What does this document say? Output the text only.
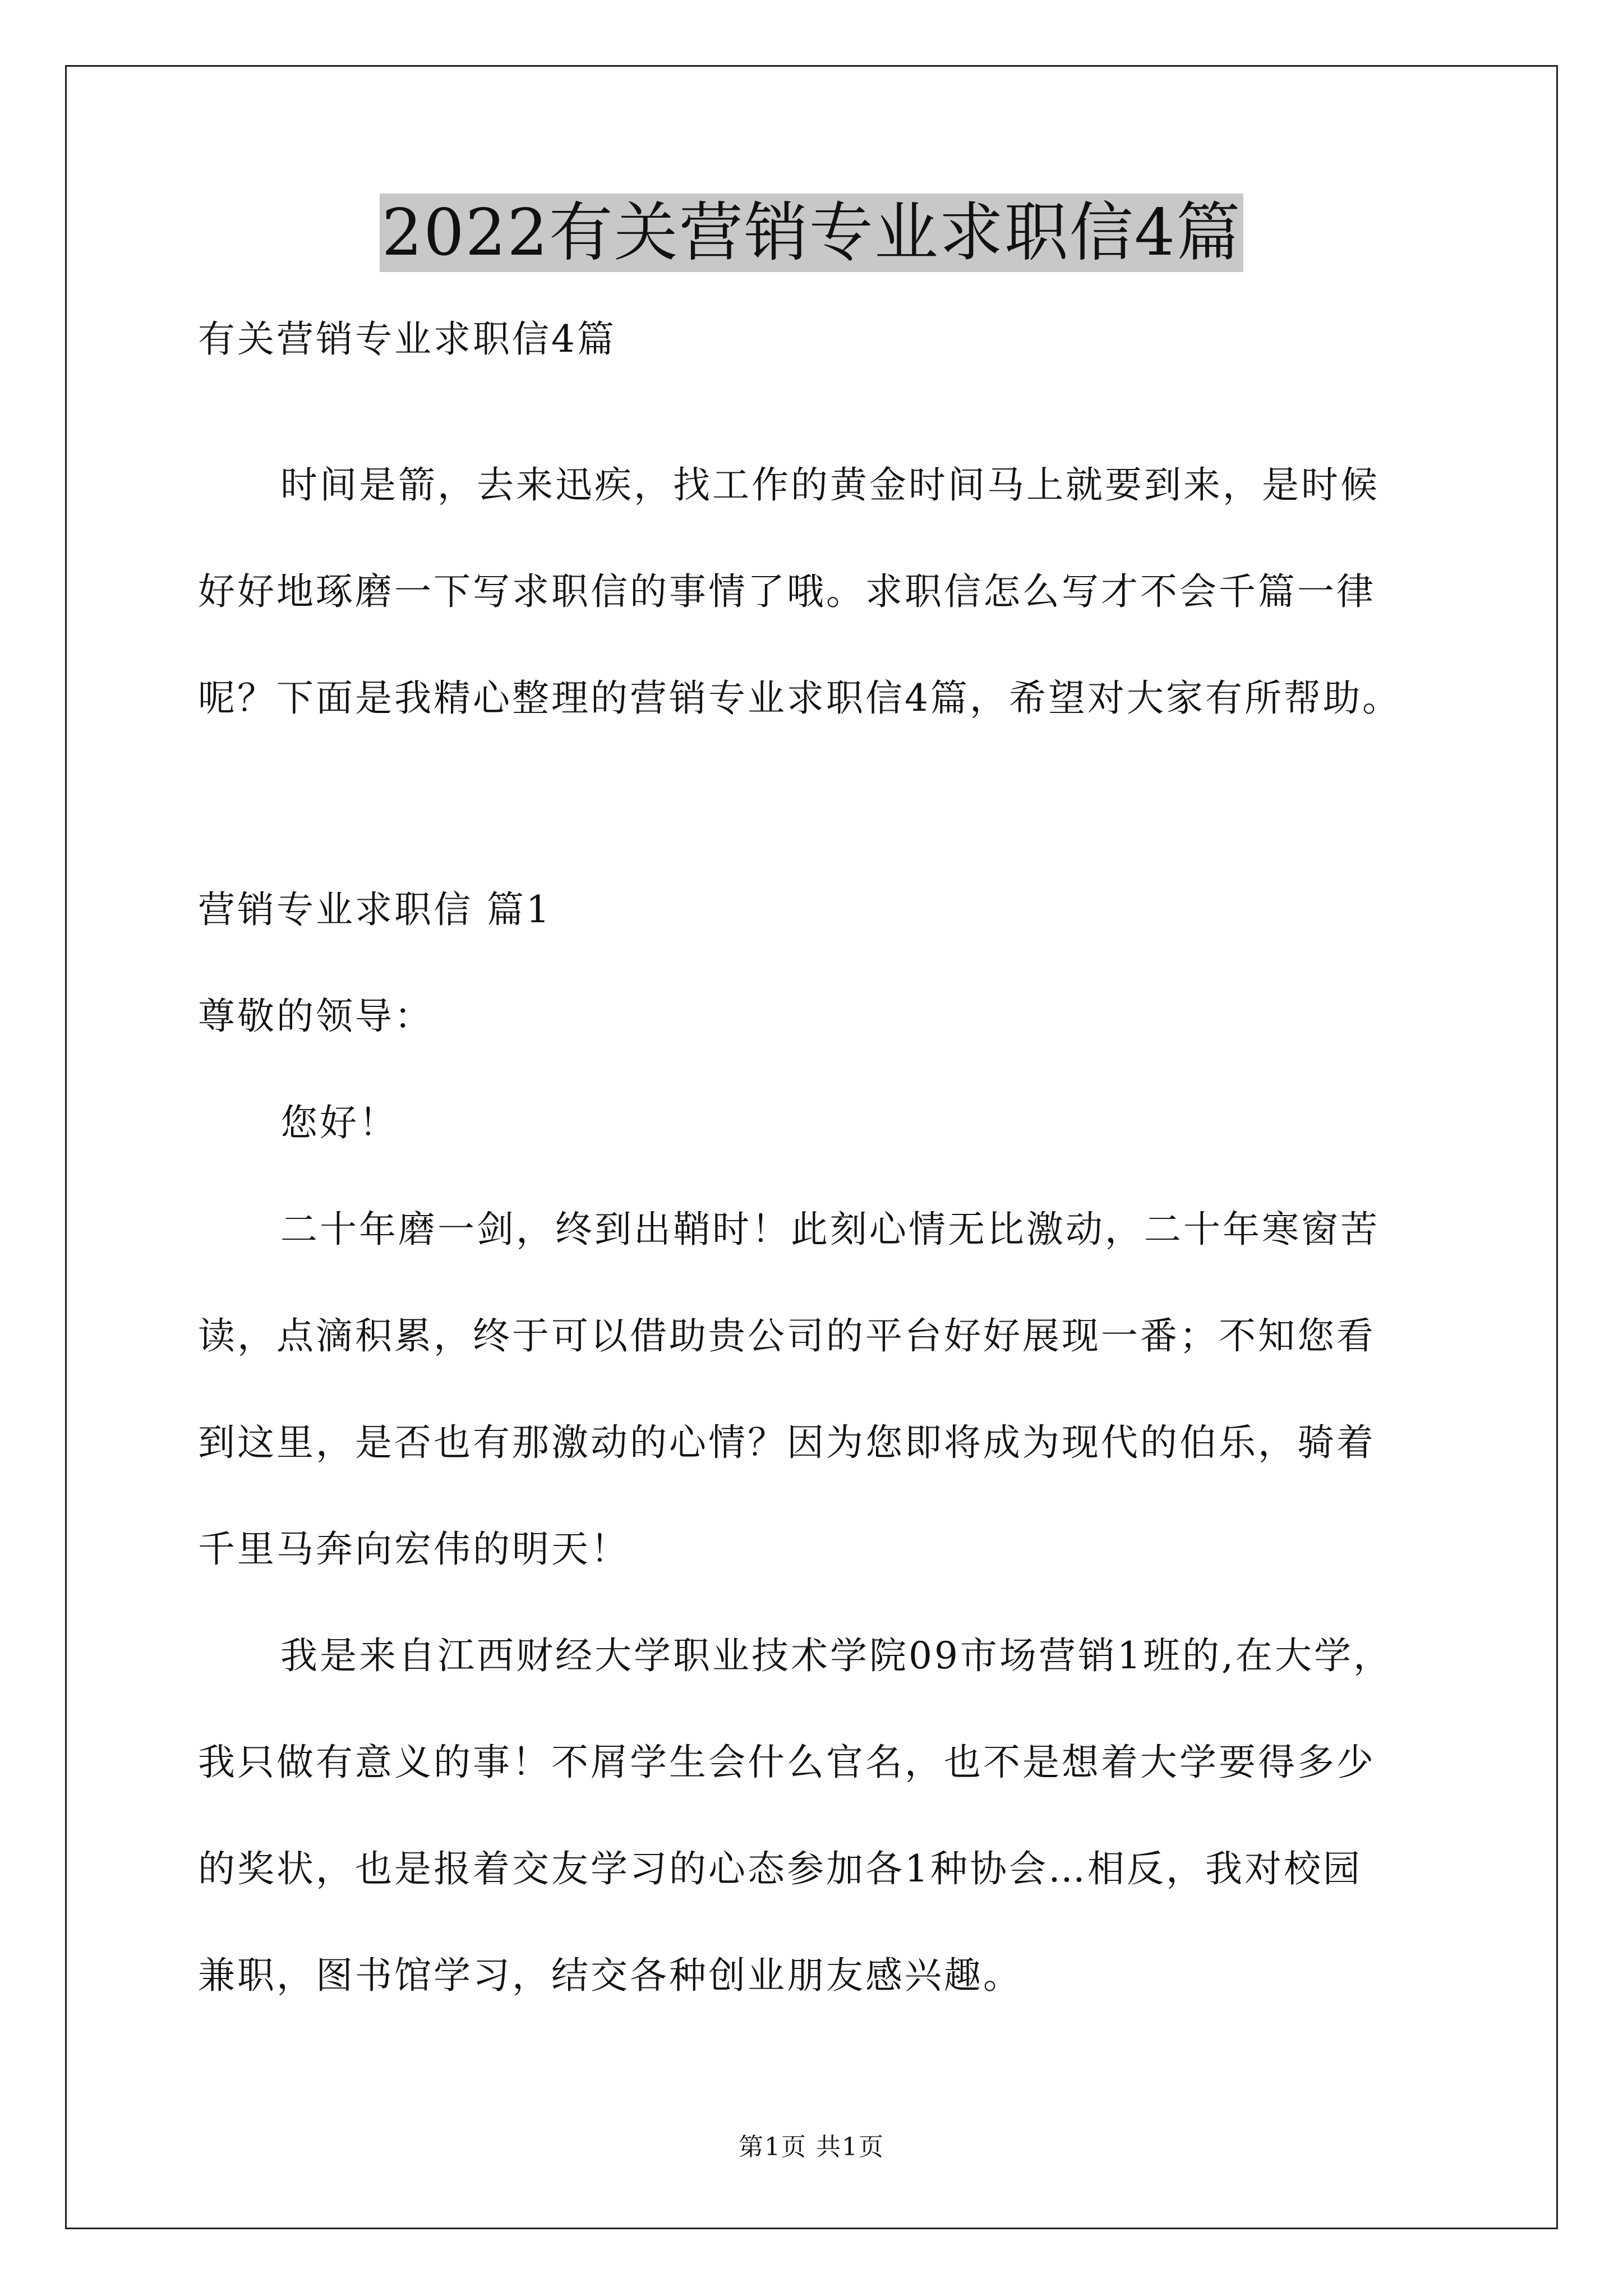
2022有关营销专业求职信4篇
有关营销专业求职信4篇
时间是箭，去来迅疾，找工作的黄金时间马上就要到来，是时候
好好地琢磨一下写求职信的事情了哦。求职信怎么写才不会千篇一律
呢？下面是我精心整理的营销专业求职信4篇，希望对大家有所帮助。
营销专业求职信 篇1
尊敬的领导：
您好！
二十年磨一剑，终到出鞘时！此刻心情无比激动，二十年寒窗苦
读，点滴积累，终于可以借助贵公司的平台好好展现一番；不知您看
到这里，是否也有那激动的心情？因为您即将成为现代的伯乐，骑着
千里马奔向宏伟的明天！
我是来自江西财经大学职业技术学院09市场营销1班的,在大学，
我只做有意义的事！不屑学生会什么官名，也不是想着大学要得多少
的奖状，也是报着交友学习的心态参加各1种协会…相反，我对校园
兼职，图书馆学习，结交各种创业朋友感兴趣。
第1页 共1页
